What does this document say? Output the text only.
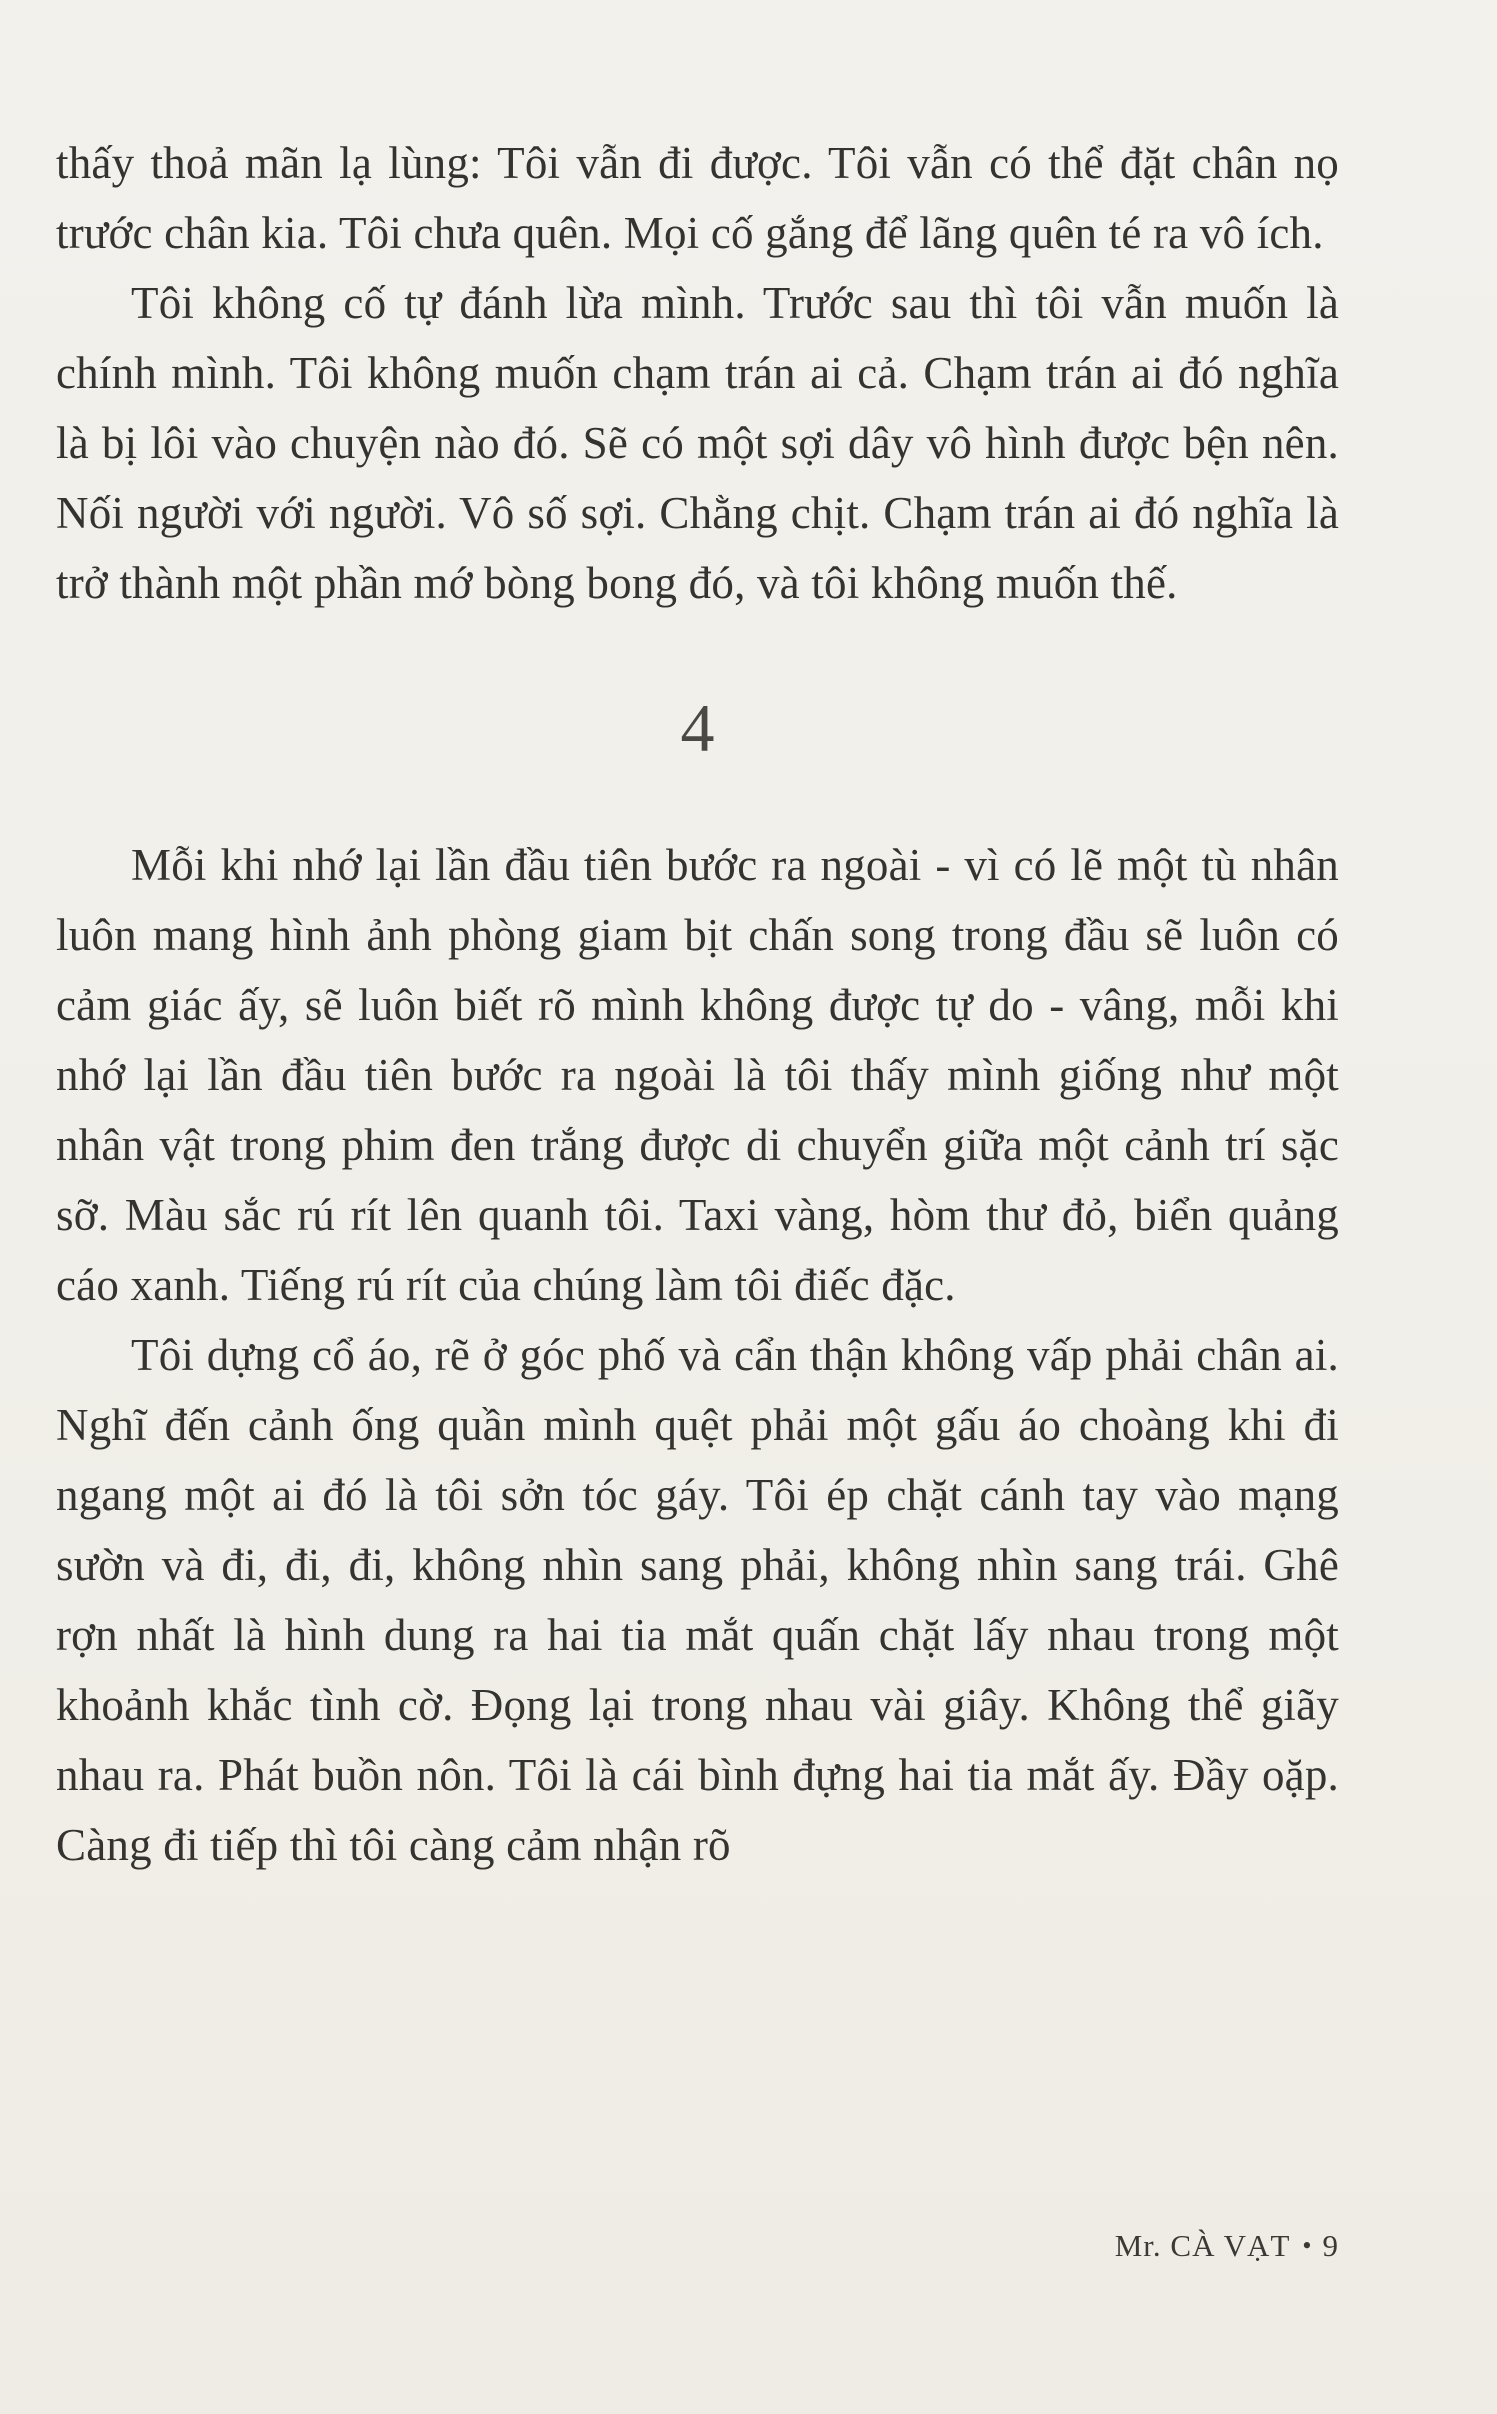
thấy thoả mãn lạ lùng: Tôi vẫn đi được. Tôi vẫn có thể đặt chân nọ trước chân kia. Tôi chưa quên. Mọi cố gắng để lãng quên té ra vô ích.

Tôi không cố tự đánh lừa mình. Trước sau thì tôi vẫn muốn là chính mình. Tôi không muốn chạm trán ai cả. Chạm trán ai đó nghĩa là bị lôi vào chuyện nào đó. Sẽ có một sợi dây vô hình được bện nên. Nối người với người. Vô số sợi. Chằng chịt. Chạm trán ai đó nghĩa là trở thành một phần mớ bòng bong đó, và tôi không muốn thế.

4

Mỗi khi nhớ lại lần đầu tiên bước ra ngoài - vì có lẽ một tù nhân luôn mang hình ảnh phòng giam bịt chấn song trong đầu sẽ luôn có cảm giác ấy, sẽ luôn biết rõ mình không được tự do - vâng, mỗi khi nhớ lại lần đầu tiên bước ra ngoài là tôi thấy mình giống như một nhân vật trong phim đen trắng được di chuyển giữa một cảnh trí sặc sỡ. Màu sắc rú rít lên quanh tôi. Taxi vàng, hòm thư đỏ, biển quảng cáo xanh. Tiếng rú rít của chúng làm tôi điếc đặc.

Tôi dựng cổ áo, rẽ ở góc phố và cẩn thận không vấp phải chân ai. Nghĩ đến cảnh ống quần mình quệt phải một gấu áo choàng khi đi ngang một ai đó là tôi sởn tóc gáy. Tôi ép chặt cánh tay vào mạng sườn và đi, đi, đi, không nhìn sang phải, không nhìn sang trái. Ghê rợn nhất là hình dung ra hai tia mắt quấn chặt lấy nhau trong một khoảnh khắc tình cờ. Đọng lại trong nhau vài giây. Không thể giãy nhau ra. Phát buồn nôn. Tôi là cái bình đựng hai tia mắt ấy. Đầy oặp. Càng đi tiếp thì tôi càng cảm nhận rõ

Mr. CÀ VẠT • 9
